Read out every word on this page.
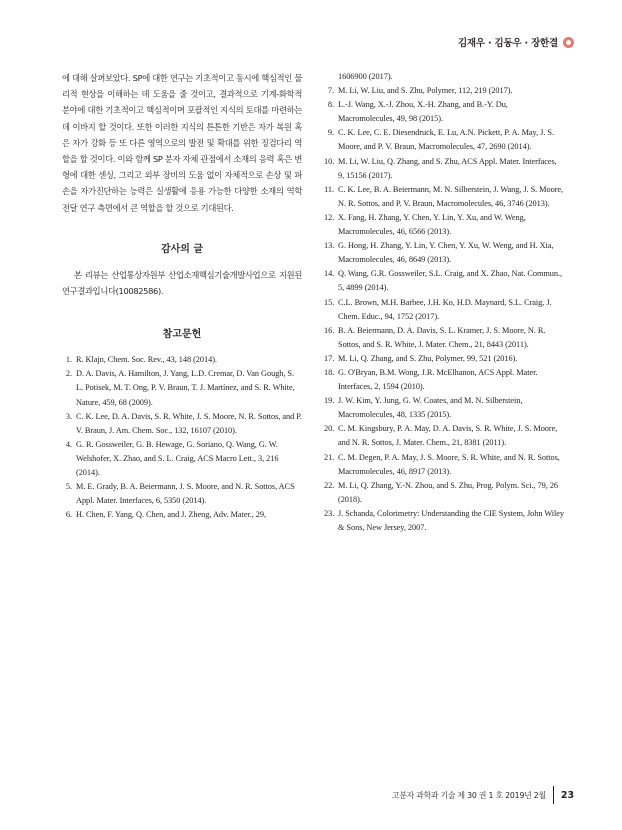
김재우 · 김동우 · 장한결

에 대해 살펴보았다. SP에 대한 연구는 기초적이고 동시에 핵심적인 물리적 현상을 이해하는 데 도움을 줄 것이고, 결과적으로 기계-화학적 분야에 대한 기초적이고 핵심적이며 포괄적인 지식의 토대를 마련하는 데 이바지 할 것이다. 또한 이러한 지식의 튼튼한 기반은 자가 복원 혹은 자가 강화 등 또 다른 영역으로의 발전 및 확대를 위한 징검다리 역할을 할 것이다. 이와 함께 SP 분자 자체 관점에서 소재의 응력 혹은 변형에 대한 센싱, 그리고 외부 장비의 도움 없이 자체적으로 손상 및 파손을 자가진단하는 능력은 실생활에 응용 가능한 다양한 소재의 역학 전달 연구 측면에서 큰 역할을 할 것으로 기대된다.

감사의 글

본 리뷰는 산업통상자원부 산업소재핵심기술개발사업으로 지원된 연구결과입니다(10082586).

참고문헌
1. R. Klajn, Chem. Soc. Rev., 43, 148 (2014).
2. D. A. Davis, A. Hamilton, J. Yang, L.D. Cremar, D. Van Gough, S. L. Potisek, M. T. Ong, P. V. Braun, T. J. Martínez, and S. R. White, Nature, 459, 68 (2009).
3. C. K. Lee, D. A. Davis, S. R. White, J. S. Moore, N. R. Sottos, and P. V. Braun, J. Am. Chem. Soc., 132, 16107 (2010).
4. G. R. Gossweiler, G. B. Hewage, G. Soriano, Q. Wang, G. W. Welshofer, X. Zhao, and S. L. Craig, ACS Macro Lett., 3, 216 (2014).
5. M. E. Grady, B. A. Beiermann, J. S. Moore, and N. R. Sottos, ACS Appl. Mater. Interfaces, 6, 5350 (2014).
6. H. Chen, F. Yang, Q. Chen, and J. Zheng, Adv. Mater., 29,
1606900 (2017).
7. M. Li, W. Liu, and S. Zhu, Polymer, 112, 219 (2017).
8. L.-J. Wang, X.-J. Zhou, X.-H. Zhang, and B.-Y. Du, Macromolecules, 49, 98 (2015).
9. C. K. Lee, C. E. Diesendruck, E. Lu, A.N. Pickett, P. A. May, J. S. Moore, and P. V. Braun, Macromolecules, 47, 2690 (2014).
10. M. Li, W. Liu, Q. Zhang, and S. Zhu, ACS Appl. Mater. Interfaces, 9, 15156 (2017).
11. C. K. Lee, B. A. Beiermann, M. N. Silberstein, J. Wang, J. S. Moore, N. R. Sottos, and P. V. Braun, Macromolecules, 46, 3746 (2013).
12. X. Fang, H. Zhang, Y. Chen, Y. Lin, Y. Xu, and W. Weng, Macromolecules, 46, 6566 (2013).
13. G. Hong, H. Zhang, Y. Lin, Y. Chen, Y. Xu, W. Weng, and H. Xia, Macromolecules, 46, 8649 (2013).
14. Q. Wang, G.R. Gossweiler, S.L. Craig, and X. Zhao, Nat. Commun., 5, 4899 (2014).
15. C.L. Brown, M.H. Barbee, J.H. Ko, H.D. Maynard, S.L. Craig, J. Chem. Educ., 94, 1752 (2017).
16. B. A. Beiermann, D. A. Davis, S. L. Kramer, J. S. Moore, N. R. Sottos, and S. R. White, J. Mater. Chem., 21, 8443 (2011).
17. M. Li, Q. Zhang, and S. Zhu, Polymer, 99, 521 (2016).
18. G. O'Bryan, B.M. Wong, J.R. McElhanon, ACS Appl. Mater. Interfaces, 2, 1594 (2010).
19. J. W. Kim, Y. Jung, G. W. Coates, and M. N. Silberstein, Macromolecules, 48, 1335 (2015).
20. C. M. Kingsbury, P. A. May, D. A. Davis, S. R. White, J. S. Moore, and N. R. Sottos, J. Mater. Chem., 21, 8381 (2011).
21. C. M. Degen, P. A. May, J. S. Moore, S. R. White, and N. R. Sottos, Macromolecules, 46, 8917 (2013).
22. M. Li, Q. Zhang, Y.-N. Zhou, and S. Zhu, Prog. Polym. Sci., 79, 26 (2018).
23. J. Schanda, Colorimetry: Understanding the CIE System, John Wiley & Sons, New Jersey, 2007.
고분자 과학과 기술 제 30 권 1 호 2019년 2월 23
